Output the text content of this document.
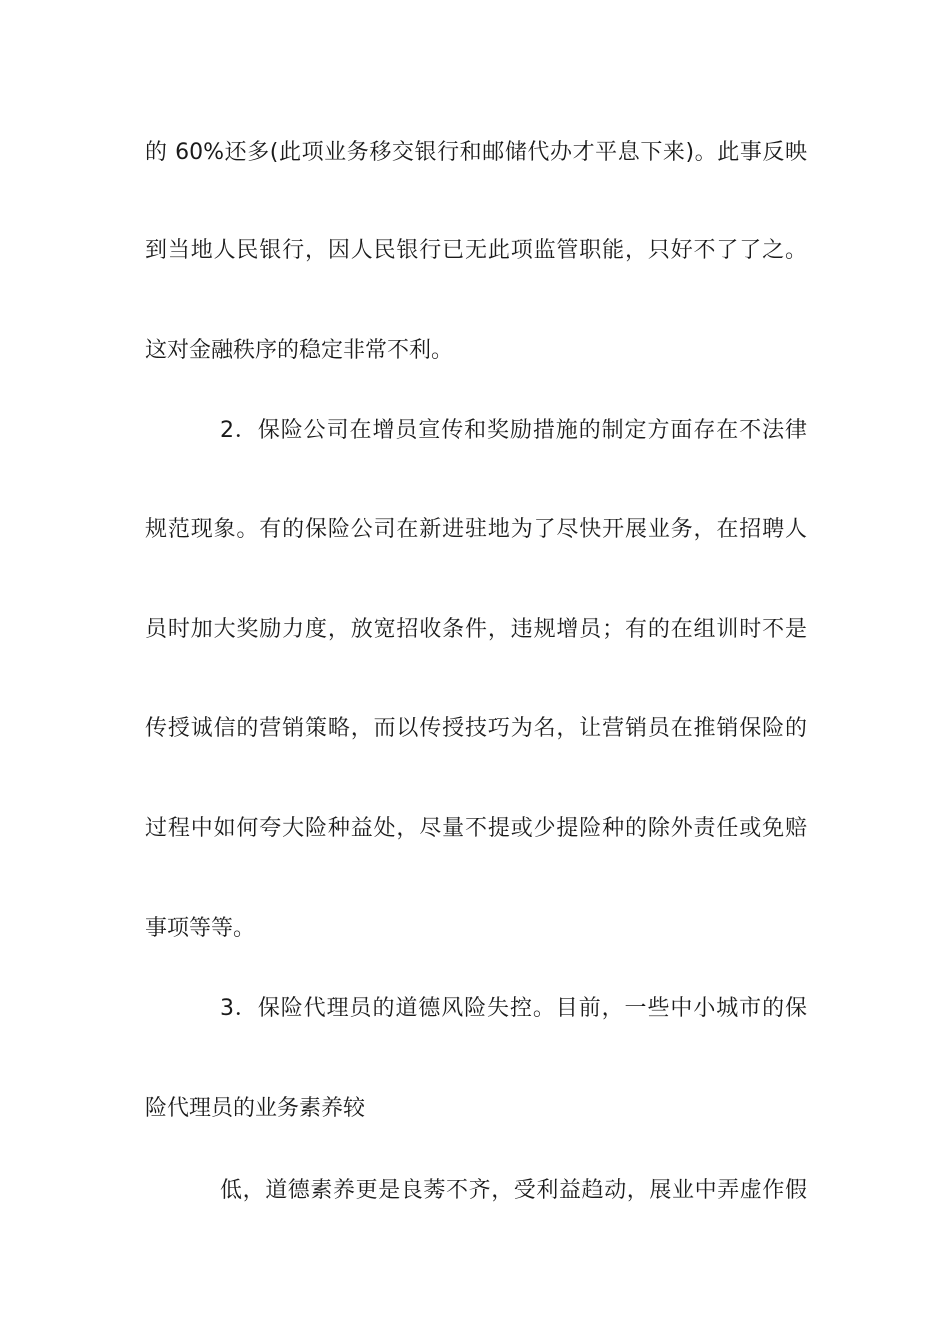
的 60%还多(此项业务移交银行和邮储代办才平息下来)。此事反映
到当地人民银行，因人民银行已无此项监管职能，只好不了了之。
这对金融秩序的稳定非常不利。
2．保险公司在增员宣传和奖励措施的制定方面存在不法律
规范现象。有的保险公司在新进驻地为了尽快开展业务，在招聘人
员时加大奖励力度，放宽招收条件，违规增员；有的在组训时不是
传授诚信的营销策略，而以传授技巧为名，让营销员在推销保险的
过程中如何夸大险种益处，尽量不提或少提险种的除外责任或免赔
事项等等。
3．保险代理员的道德风险失控。目前，一些中小城市的保
险代理员的业务素养较
低，道德素养更是良莠不齐，受利益趋动，展业中弄虚作假
